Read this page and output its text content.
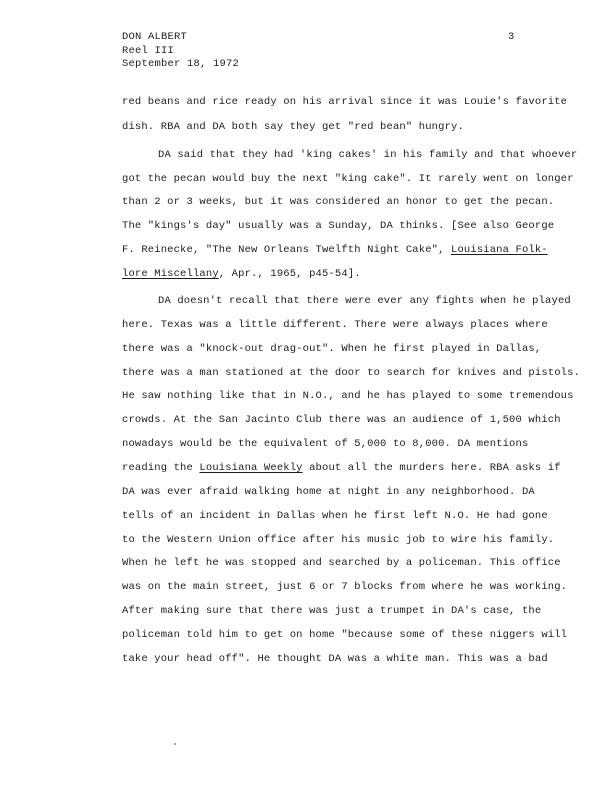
DON ALBERT
Reel III
September 18, 1972
3
red beans and rice ready on his arrival since it was Louie's favorite
dish. RBA and DA both say they get "red bean" hungry.
DA said that they had 'king cakes' in his family and that whoever
got the pecan would buy the next "king cake". It rarely went on longer
than 2 or 3 weeks, but it was considered an honor to get the pecan.
The "kings's day" usually was a Sunday, DA thinks. [See also George
F. Reinecke, "The New Orleans Twelfth Night Cake", Louisiana Folk-
lore Miscellany, Apr., 1965, p45-54].
DA doesn't recall that there were ever any fights when he played
here. Texas was a little different. There were always places where
there was a "knock-out drag-out". When he first played in Dallas,
there was a man stationed at the door to search for knives and pistols.
He saw nothing like that in N.O., and he has played to some tremendous
crowds. At the San Jacinto Club there was an audience of 1,500 which
nowadays would be the equivalent of 5,000 to 8,000. DA mentions
reading the Louisiana Weekly about all the murders here. RBA asks if
DA was ever afraid walking home at night in any neighborhood. DA
tells of an incident in Dallas when he first left N.O. He had gone
to the Western Union office after his music job to wire his family.
When he left he was stopped and searched by a policeman. This office
was on the main street, just 6 or 7 blocks from where he was working.
After making sure that there was just a trumpet in DA's case, the
policeman told him to get on home "because some of these niggers will
take your head off". He thought DA was a white man. This was a bad
